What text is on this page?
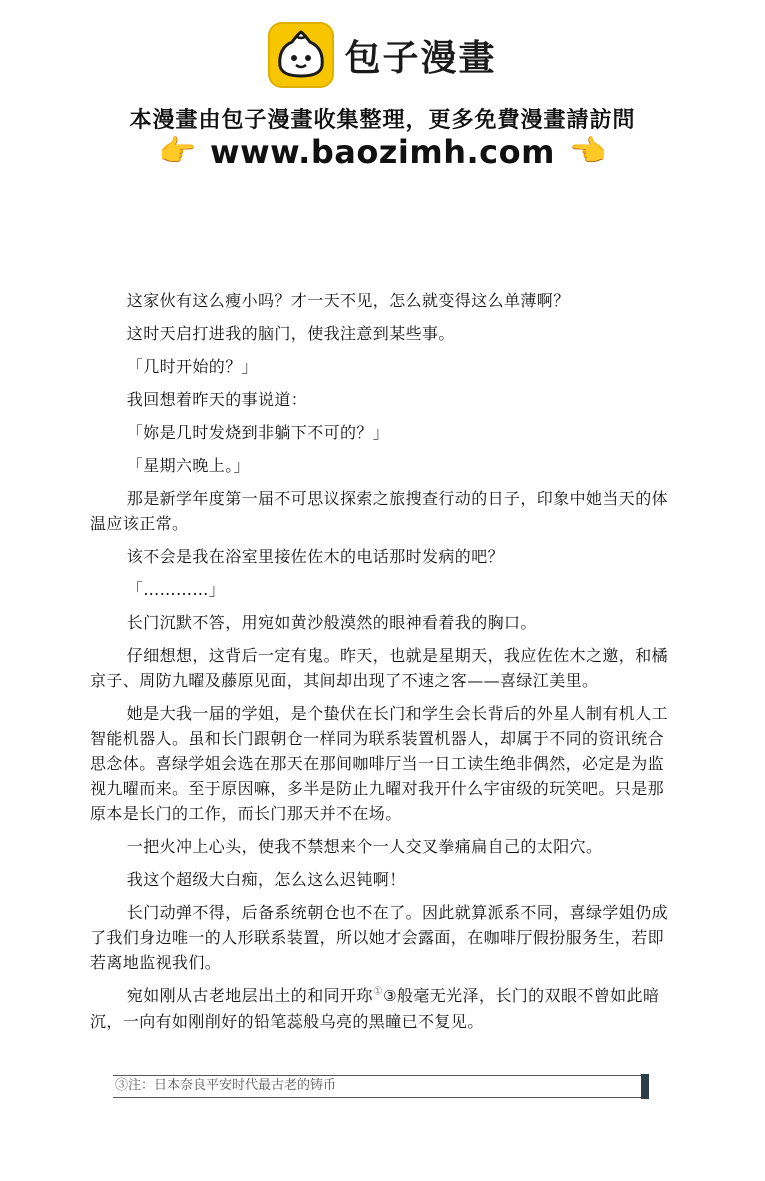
包子漫畫
本漫畫由包子漫畫收集整理，更多免費漫畫請訪問
👉 www.baozimh.com 👈

这家伙有这么瘦小吗？才一天不见，怎么就变得这么单薄啊？

这时天启打进我的脑门，使我注意到某些事。

「几时开始的？」

我回想着昨天的事说道：

「妳是几时发烧到非躺下不可的？」

「星期六晚上。」

那是新学年度第一届不可思议探索之旅搜查行动的日子，印象中她当天的体温应该正常。

该不会是我在浴室里接佐佐木的电话那时发病的吧？

「…………」

长门沉默不答，用宛如黄沙般漠然的眼神看着我的胸口。

仔细想想，这背后一定有鬼。昨天，也就是星期天，我应佐佐木之邀，和橘京子、周防九曜及藤原见面，其间却出现了不速之客——喜绿江美里。

她是大我一届的学姐，是个蛰伏在长门和学生会长背后的外星人制有机人工智能机器人。虽和长门跟朝仓一样同为联系装置机器人，却属于不同的资讯统合思念体。喜绿学姐会选在那天在那间咖啡厅当一日工读生绝非偶然，必定是为监视九曜而来。至于原因嘛，多半是防止九曜对我开什么宇宙级的玩笑吧。只是那原本是长门的工作，而长门那天并不在场。

一把火冲上心头，使我不禁想来个一人交叉拳痛扁自己的太阳穴。

我这个超级大白痴，怎么这么迟钝啊！

长门动弹不得，后备系统朝仓也不在了。因此就算派系不同，喜绿学姐仍成了我们身边唯一的人形联系装置，所以她才会露面，在咖啡厅假扮服务生，若即若离地监视我们。

宛如刚从古老地层出土的和同开珎①③般毫无光泽，长门的双眼不曾如此暗沉，一向有如刚削好的铅笔蕊般乌亮的黑瞳已不复见。

③注：日本奈良平安时代最古老的铸币
